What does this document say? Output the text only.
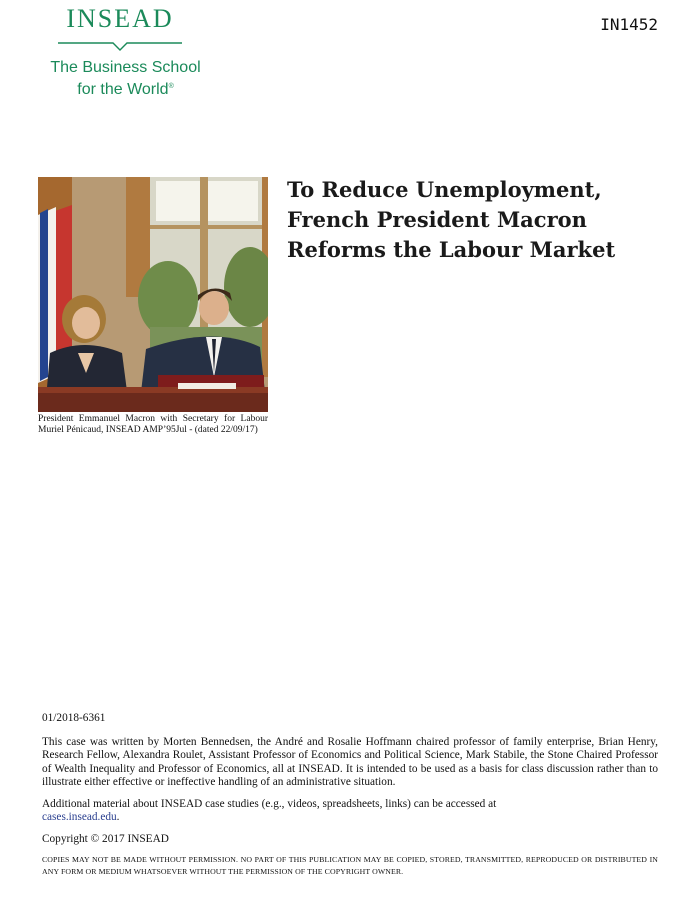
INSEAD
The Business School
for the World®
IN1452
President Emmanuel Macron with Secretary for Labour Muriel Pénicaud, INSEAD AMP’95Jul - (dated 22/09/17)
To Reduce Unemployment,
French President Macron
Reforms the Labour Market

01/2018-6361

This case was written by Morten Bennedsen, the André and Rosalie Hoffmann chaired professor of family enterprise, Brian Henry, Research Fellow, Alexandra Roulet, Assistant Professor of Economics and Political Science, Mark Stabile, the Stone Chaired Professor of Wealth Inequality and Professor of Economics, all at INSEAD. It is intended to be used as a basis for class discussion rather than to illustrate either effective or ineffective handling of an administrative situation.

Additional material about INSEAD case studies (e.g., videos, spreadsheets, links) can be accessed at
cases.insead.edu.

Copyright © 2017 INSEAD

COPIES MAY NOT BE MADE WITHOUT PERMISSION. NO PART OF THIS PUBLICATION MAY BE COPIED, STORED, TRANSMITTED, REPRODUCED OR DISTRIBUTED IN ANY FORM OR MEDIUM WHATSOEVER WITHOUT THE PERMISSION OF THE COPYRIGHT OWNER.
